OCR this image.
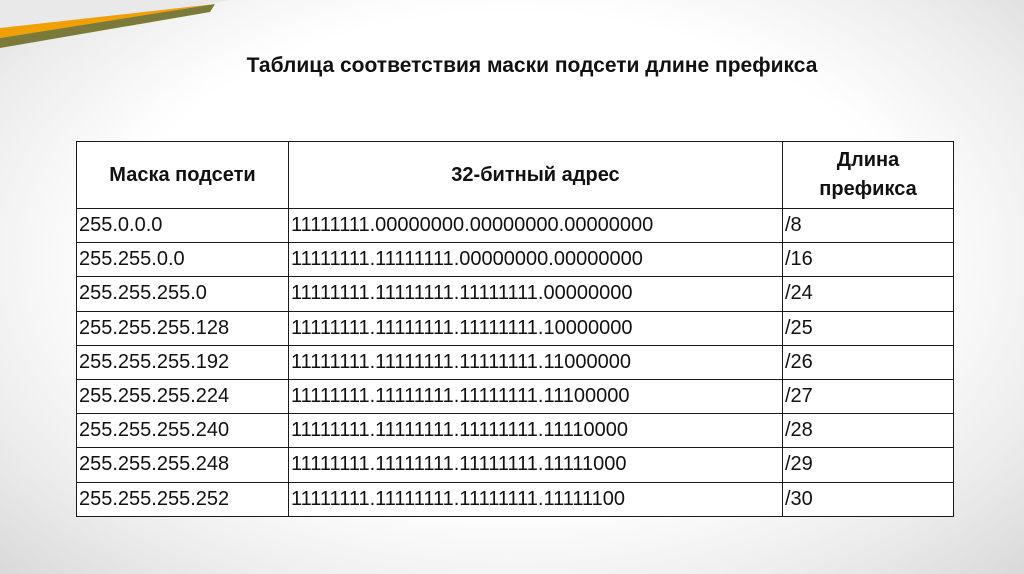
Таблица соответствия маски подсети длине префикса
Маска подсети	32-битный адрес	Длина префикса
255.0.0.0	11111111.00000000.00000000.00000000	/8
255.255.0.0	11111111.11111111.00000000.00000000	/16
255.255.255.0	11111111.11111111.11111111.00000000	/24
255.255.255.128	11111111.11111111.11111111.10000000	/25
255.255.255.192	11111111.11111111.11111111.11000000	/26
255.255.255.224	11111111.11111111.11111111.11100000	/27
255.255.255.240	11111111.11111111.11111111.11110000	/28
255.255.255.248	11111111.11111111.11111111.11111000	/29
255.255.255.252	11111111.11111111.11111111.11111100	/30
